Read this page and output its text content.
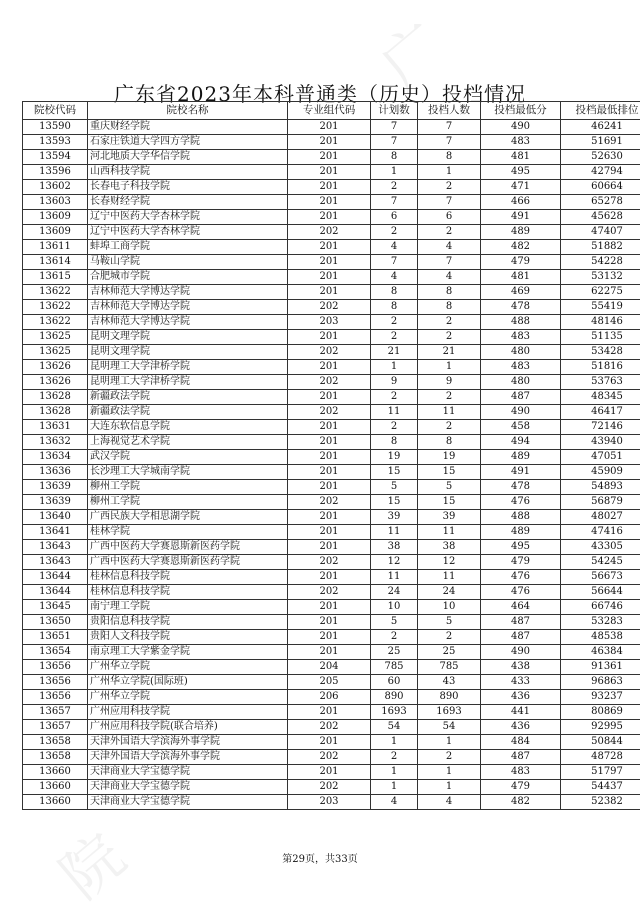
广
院
广东省2023年本科普通类（历史）投档情况
院校代码	院校名称	专业组代码	计划数	投档人数	投档最低分	投档最低排位
13590	重庆财经学院	201	7	7	490	46241
13593	石家庄铁道大学四方学院	201	7	7	483	51691
13594	河北地质大学华信学院	201	8	8	481	52630
13596	山西科技学院	201	1	1	495	42794
13602	长春电子科技学院	201	2	2	471	60664
13603	长春财经学院	201	7	7	466	65278
13609	辽宁中医药大学杏林学院	201	6	6	491	45628
13609	辽宁中医药大学杏林学院	202	2	2	489	47407
13611	蚌埠工商学院	201	4	4	482	51882
13614	马鞍山学院	201	7	7	479	54228
13615	合肥城市学院	201	4	4	481	53132
13622	吉林师范大学博达学院	201	8	8	469	62275
13622	吉林师范大学博达学院	202	8	8	478	55419
13622	吉林师范大学博达学院	203	2	2	488	48146
13625	昆明文理学院	201	2	2	483	51135
13625	昆明文理学院	202	21	21	480	53428
13626	昆明理工大学津桥学院	201	1	1	483	51816
13626	昆明理工大学津桥学院	202	9	9	480	53763
13628	新疆政法学院	201	2	2	487	48345
13628	新疆政法学院	202	11	11	490	46417
13631	大连东软信息学院	201	2	2	458	72146
13632	上海视觉艺术学院	201	8	8	494	43940
13634	武汉学院	201	19	19	489	47051
13636	长沙理工大学城南学院	201	15	15	491	45909
13639	柳州工学院	201	5	5	478	54893
13639	柳州工学院	202	15	15	476	56879
13640	广西民族大学相思湖学院	201	39	39	488	48027
13641	桂林学院	201	11	11	489	47416
13643	广西中医药大学赛恩斯新医药学院	201	38	38	495	43305
13643	广西中医药大学赛恩斯新医药学院	202	12	12	479	54245
13644	桂林信息科技学院	201	11	11	476	56673
13644	桂林信息科技学院	202	24	24	476	56644
13645	南宁理工学院	201	10	10	464	66746
13650	贵阳信息科技学院	201	5	5	487	53283
13651	贵阳人文科技学院	201	2	2	487	48538
13654	南京理工大学紫金学院	201	25	25	490	46384
13656	广州华立学院	204	785	785	438	91361
13656	广州华立学院(国际班)	205	60	43	433	96863
13656	广州华立学院	206	890	890	436	93237
13657	广州应用科技学院	201	1693	1693	441	80869
13657	广州应用科技学院(联合培养)	202	54	54	436	92995
13658	天津外国语大学滨海外事学院	201	1	1	484	50844
13658	天津外国语大学滨海外事学院	202	2	2	487	48728
13660	天津商业大学宝德学院	201	1	1	483	51797
13660	天津商业大学宝德学院	202	1	1	479	54437
13660	天津商业大学宝德学院	203	4	4	482	52382
第29页，共33页
